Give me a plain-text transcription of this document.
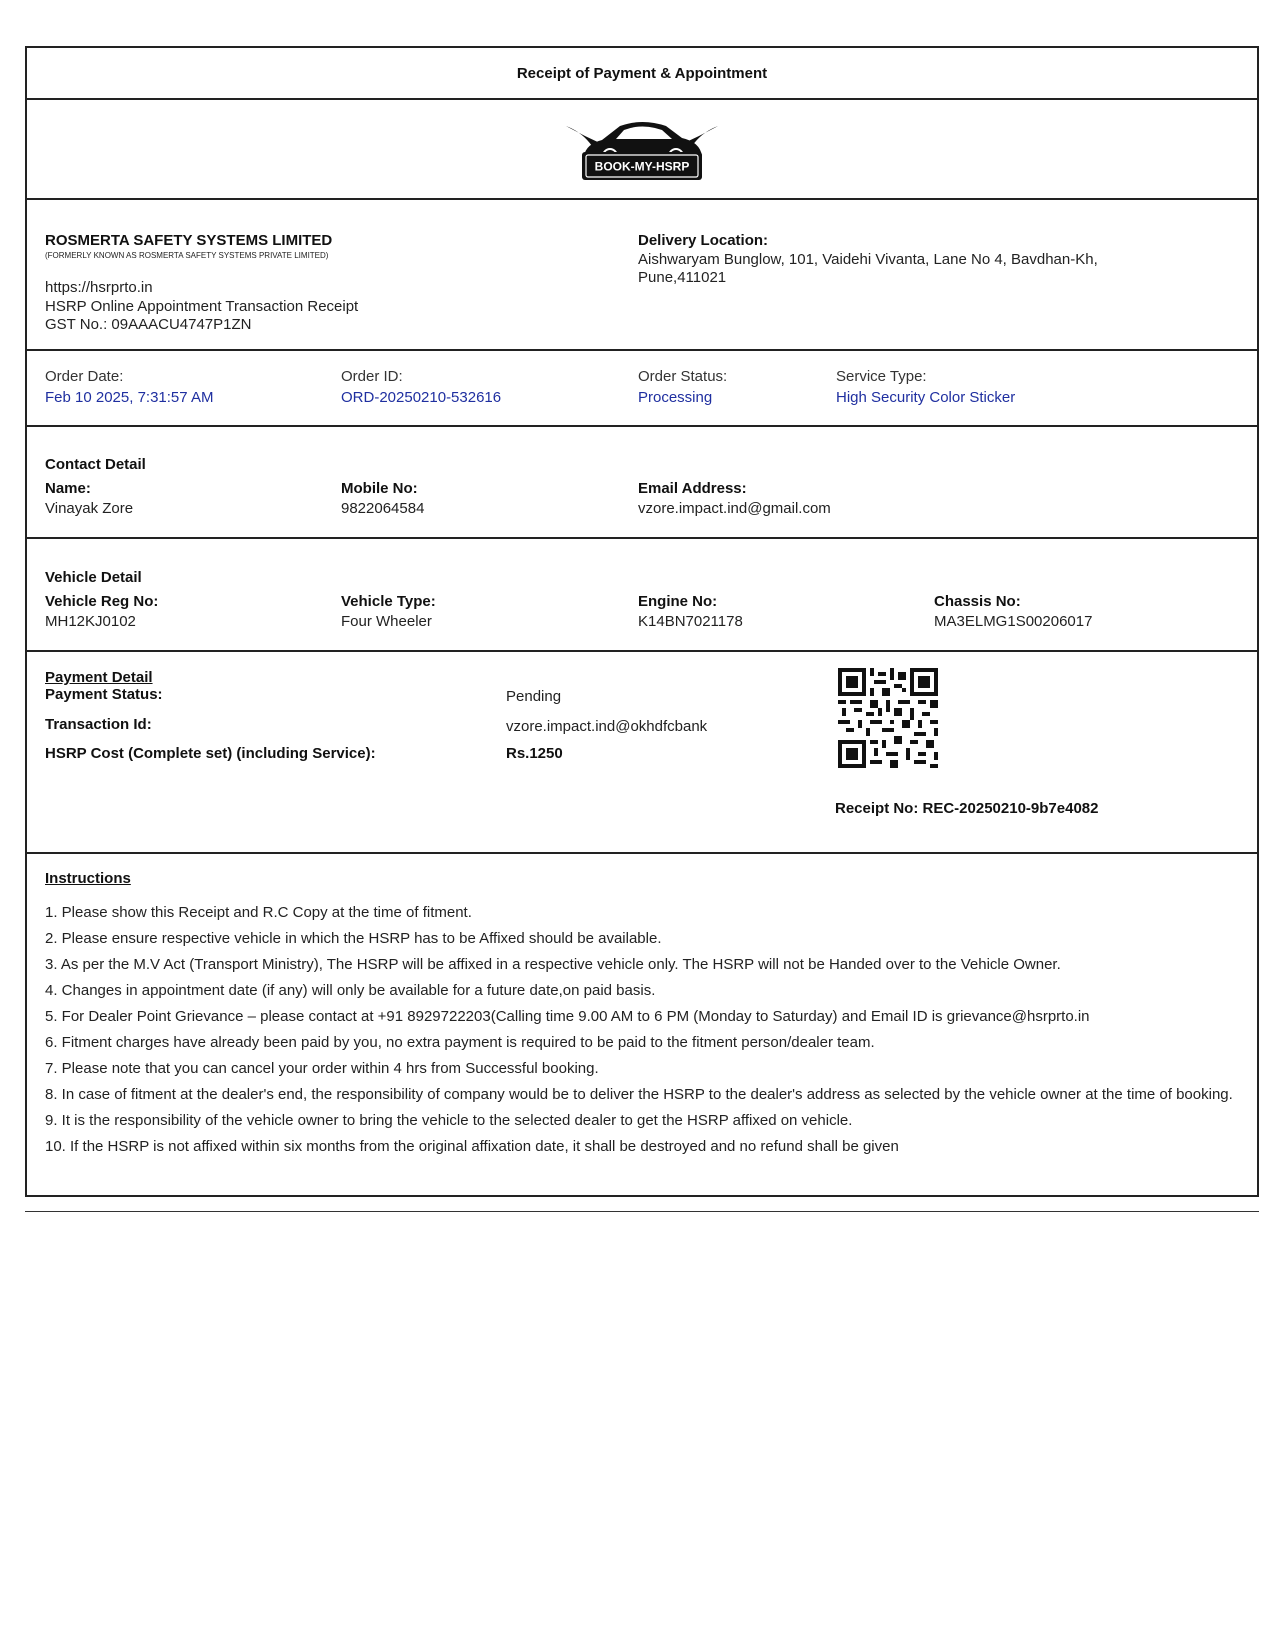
Receipt of Payment & Appointment
BOOK-MY-HSRP
ROSMERTA SAFETY SYSTEMS LIMITED
(FORMERLY KNOWN AS ROSMERTA SAFETY SYSTEMS PRIVATE LIMITED)
https://hsrprto.in
HSRP Online Appointment Transaction Receipt
GST No.: 09AAACU4747P1ZN
Delivery Location:
Aishwaryam Bunglow, 101, Vaidehi Vivanta, Lane No 4, Bavdhan-Kh,
Pune,411021
Order Date:
Feb 10 2025, 7:31:57 AM
Order ID:
ORD-20250210-532616
Order Status:
Processing
Service Type:
High Security Color Sticker
Contact Detail
Name:
Vinayak Zore
Mobile No:
9822064584
Email Address:
vzore.impact.ind@gmail.com
Vehicle Detail
Vehicle Reg No:
MH12KJ0102
Vehicle Type:
Four Wheeler
Engine No:
K14BN7021178
Chassis No:
MA3ELMG1S00206017
Payment Detail
Payment Status:	Pending
Transaction Id:	vzore.impact.ind@okhdfcbank
HSRP Cost (Complete set) (including Service):	Rs.1250
Receipt No: REC-20250210-9b7e4082
Instructions
1. Please show this Receipt and R.C Copy at the time of fitment.
2. Please ensure respective vehicle in which the HSRP has to be Affixed should be available.
3. As per the M.V Act (Transport Ministry), The HSRP will be affixed in a respective vehicle only. The HSRP will not be Handed over to the Vehicle Owner.
4. Changes in appointment date (if any) will only be available for a future date,on paid basis.
5. For Dealer Point Grievance – please contact at +91 8929722203(Calling time 9.00 AM to 6 PM (Monday to Saturday) and Email ID is grievance@hsrprto.in
6. Fitment charges have already been paid by you, no extra payment is required to be paid to the fitment person/dealer team.
7. Please note that you can cancel your order within 4 hrs from Successful booking.
8. In case of fitment at the dealer's end, the responsibility of company would be to deliver the HSRP to the dealer's address as selected by the vehicle owner at the time of booking.
9. It is the responsibility of the vehicle owner to bring the vehicle to the selected dealer to get the HSRP affixed on vehicle.
10. If the HSRP is not affixed within six months from the original affixation date, it shall be destroyed and no refund shall be given
